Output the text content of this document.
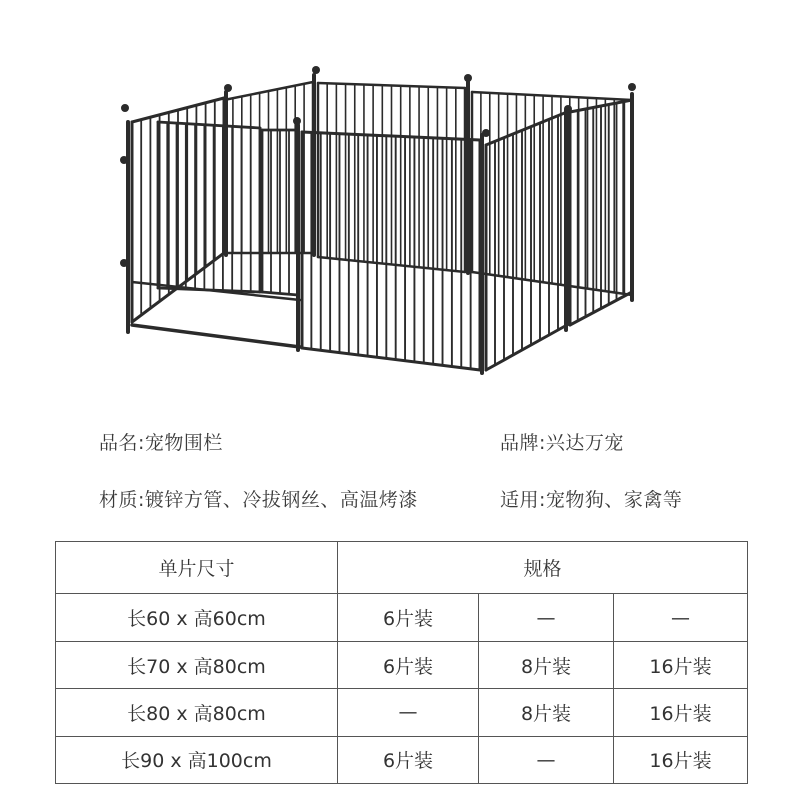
品名:宠物围栏	品牌:兴达万宠
材质:镀锌方管、冷拔钢丝、高温烤漆	适用:宠物狗、家禽等
单片尺寸	规格		
长60 x 高60cm	6片装	—	—
长70 x 高80cm	6片装	8片装	16片装
长80 x 高80cm	—	8片装	16片装
长90 x 高100cm	6片装	—	16片装
